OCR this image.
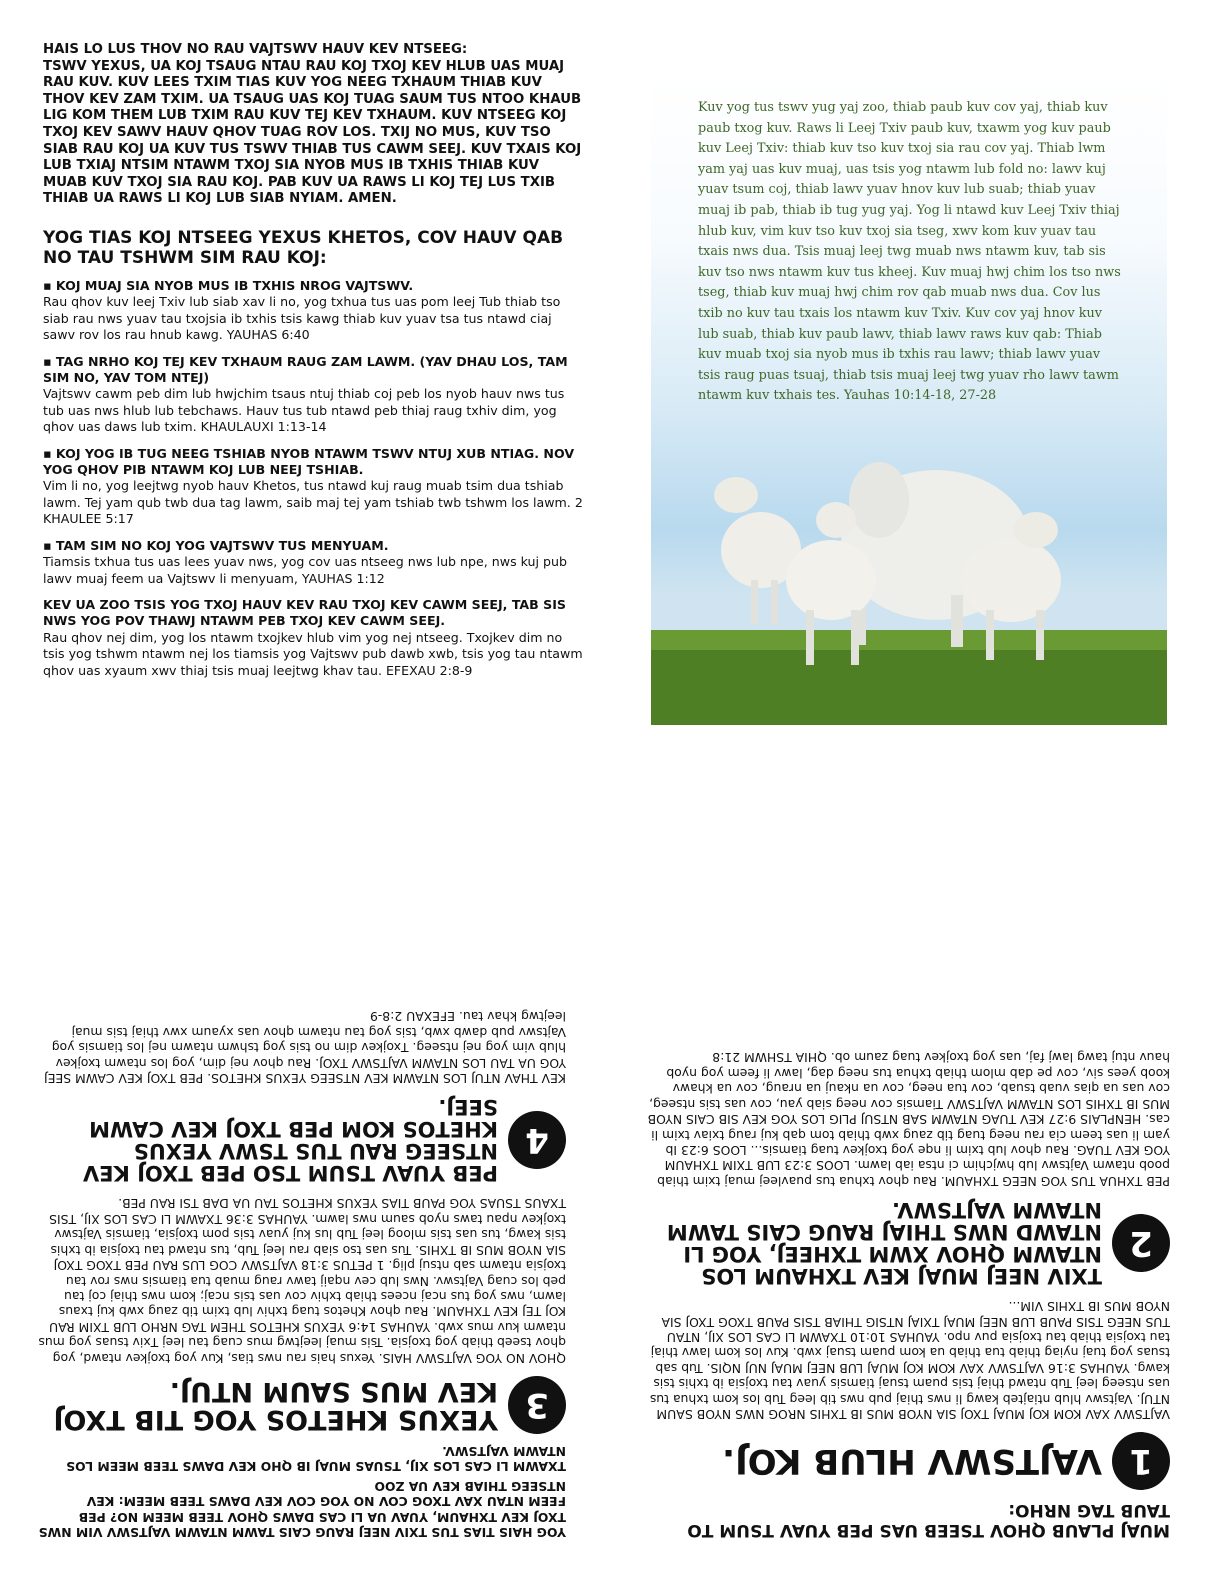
HAIS LO LUS THOV NO RAU VAJTSWV HAUV KEV NTSEEG:

TSWV YEXUS, UA KOJ TSAUG NTAU RAU KOJ TXOJ KEV HLUB UAS MUAJ RAU KUV. KUV LEES TXIM TIAS KUV YOG NEEG TXHAUM THIAB KUV THOV KEV ZAM TXIM. UA TSAUG UAS KOJ TUAG SAUM TUS NTOO KHAUB LIG KOM THEM LUB TXIM RAU KUV TEJ KEV TXHAUM. KUV NTSEEG KOJ TXOJ KEV SAWV HAUV QHOV TUAG ROV LOS. TXIJ NO MUS, KUV TSO SIAB RAU KOJ UA KUV TUS TSWV THIAB TUS CAWM SEEJ. KUV TXAIS KOJ LUB TXIAJ NTSIM NTAWM TXOJ SIA NYOB MUS IB TXHIS THIAB KUV MUAB KUV TXOJ SIA RAU KOJ. PAB KUV UA RAWS LI KOJ TEJ LUS TXIB THIAB UA RAWS LI KOJ LUB SIAB NYIAM. AMEN.

YOG TIAS KOJ NTSEEG YEXUS KHETOS, COV HAUV QAB NO TAU TSHWM SIM RAU KOJ:

▪ KOJ MUAJ SIA NYOB MUS IB TXHIS NROG VAJTSWV.
Rau qhov kuv leej Txiv lub siab xav li no, yog txhua tus uas pom leej Tub thiab tso siab rau nws yuav tau txojsia ib txhis tsis kawg thiab kuv yuav tsa tus ntawd ciaj sawv rov los rau hnub kawg. YAUHAS 6:40
▪ TAG NRHO KOJ TEJ KEV TXHAUM RAUG ZAM LAWM. (YAV DHAU LOS, TAM SIM NO, YAV TOM NTEJ)
Vajtswv cawm peb dim lub hwjchim tsaus ntuj thiab coj peb los nyob hauv nws tus tub uas nws hlub lub tebchaws. Hauv tus tub ntawd peb thiaj raug txhiv dim, yog qhov uas daws lub txim. KHAULAUXI 1:13-14
▪ KOJ YOG IB TUG NEEG TSHIAB NYOB NTAWM TSWV NTUJ XUB NTIAG. NOV YOG QHOV PIB NTAWM KOJ LUB NEEJ TSHIAB.
Vim li no, yog leejtwg nyob hauv Khetos, tus ntawd kuj raug muab tsim dua tshiab lawm. Tej yam qub twb dua tag lawm, saib maj tej yam tshiab twb tshwm los lawm. 2 KHAULEE 5:17
▪ TAM SIM NO KOJ YOG VAJTSWV TUS MENYUAM.
Tiamsis txhua tus uas lees yuav nws, yog cov uas ntseeg nws lub npe, nws kuj pub lawv muaj feem ua Vajtswv li menyuam, YAUHAS 1:12
KEV UA ZOO TSIS YOG TXOJ HAUV KEV RAU TXOJ KEV CAWM SEEJ, TAB SIS NWS YOG POV THAWJ NTAWM PEB TXOJ KEV CAWM SEEJ.
Rau qhov nej dim, yog los ntawm txojkev hlub vim yog nej ntseeg. Txojkev dim no tsis yog tshwm ntawm nej los tiamsis yog Vajtswv pub dawb xwb, tsis yog tau ntawm qhov uas xyaum xwv thiaj tsis muaj leejtwg khav tau. EFEXAU 2:8-9

Kuv yog tus tswv yug yaj zoo, thiab paub kuv cov yaj, thiab kuv paub txog kuv. Raws li Leej Txiv paub kuv, txawm yog kuv paub kuv Leej Txiv: thiab kuv tso kuv txoj sia rau cov yaj. Thiab lwm yam yaj uas kuv muaj, uas tsis yog ntawm lub fold no: lawv kuj yuav tsum coj, thiab lawv yuav hnov kuv lub suab; thiab yuav muaj ib pab, thiab ib tug yug yaj. Yog li ntawd kuv Leej Txiv thiaj hlub kuv, vim kuv tso kuv txoj sia tseg, xwv kom kuv yuav tau txais nws dua. Tsis muaj leej twg muab nws ntawm kuv, tab sis kuv tso nws ntawm kuv tus kheej. Kuv muaj hwj chim los tso nws tseg, thiab kuv muaj hwj chim rov qab muab nws dua. Cov lus txib no kuv tau txais los ntawm kuv Txiv. Kuv cov yaj hnov kuv lub suab, thiab kuv paub lawv, thiab lawv raws kuv qab: Thiab kuv muab txoj sia nyob mus ib txhis rau lawv; thiab lawv yuav tsis raug puas tsuaj, thiab tsis muaj leej twg yuav rho lawv tawm ntawm kuv txhais tes. Yauhas 10:14-18, 27-28

YOG HAIS TIAS TUS TXIV NEEJ RAUG CAIS TAWM NTAWM VAJTSWV VIM NWS TXOJ KEV TXHAUM, YUAV UA LI CAS DAWS QHOV TEEB MEEM NO? PEB FEEM NTAU XAV TXOG COV NO YOG COV KEV DAWS TEEB MEEM: KEV NTSEEG THIAB KEV UA ZOO

TXAWM LI CAS LOS XIJ, TSUAS MUAJ IB QHO KEV DAWS TEEB MEEM LOS NTAWM VAJTSWV.

3
YEXUS KHETOS YOG TIB TXOJ KEV MUS SAUM NTUJ.

QHOV NO YOG VAJTSWV HAIS. Yexus hais rau nws tias, Kuv yog txojkev ntawd, yog qhov tseeb thiab yog txojsia. Tsis muaj leejtwg mus cuag tau leej Txiv tsuas yog mus ntawm kuv mus xwb. YAUHAS 14:6 YEXUS KHETOS THEM TAG NRHO LUB TXIM RAU KOJ TEJ KEV TXHAUM. Rau qhov Khetos tuag txhiv lub txim tib zaug xwb kuj txaus lawm, nws yog tus ncaj ncees thiab txhiv cov uas tsis ncaj; kom nws thiaj coj tau peb los cuag Vajtswv. Nws lub cev nqaij tawv raug muab tua tiamsis nws rov tau txojsia ntawm sab ntsuj plig. 1 PETUS 3:18 VAJTSWV COG LUS RAU PEB TXOG TXOJ SIA NYOB MUS IB TXHIS. Tus uas tso siab rau leej Tub, tus ntawd tau txojsia ib txhis tsis kawg, tus uas tsis mloog leej Tub lus kuj yuav tsis pom txojsia, tiamsis Vajtswv txojkev npau taws nyob saum nws lawm. YAUHAS 3:36 TXAWM LI CAS LOS XIJ, TSIS TXAUS TSUAS YOG PAUB TIAS YEXUS KHETOS TAU UA DAB TSI RAU PEB.

4
PEB YUAV TSUM TSO PEB TXOJ KEV NTSEEG RAU TUS TSWV YEXUS KHETOS KOM PEB TXOJ KEV CAWM SEEJ.

KEV THAV NTUJ LOS NTAWM KEV NTSEEG YEXUS KHETOS. PEB TXOJ KEV CAWM SEEJ YOG UA TAU LOS NTAWM VAJTSWV TXOJ. Rau qhov nej dim, yog los ntawm txojkev hlub vim yog nej ntseeg. Txojkev dim no tsis yog tshwm ntawm nej los tiamsis yog Vajtswv pub dawb xwb, tsis yog tau ntawm qhov uas xyaum xwv thiaj tsis muaj leejtwg khav tau. EFEXAU 2:8-9

MUAJ PLAUB QHOV TSEEB UAS PEB YUAV TSUM TO TAUB TAG NRHO:

1
VAJTSWV HLUB KOJ.

VAJTSWV XAV KOM KOJ MUAJ TXOJ SIA NYOB MUS IB TXHIS NROG NWS NYOB SAUM NTUJ. Vajtswv hlub ntiajteb kawg li nws thiaj pub nws tib leeg Tub los kom txhua tus uas ntseeg leej Tub ntawd thiaj tsis puam tsuaj tiamsis yuav tau txojsia ib txhis tsis kawg. YAUHAS 3:16 VAJTSWV XAV KOM KOJ MUAJ LUB NEEJ MUAJ NUJ NQIS. Tub sab tsuas yog tuaj nyiag thiab tua thiab ua kom puam tsuaj xwb. Kuv los kom lawv thiaj tau txojsia thiab tau txojsia puv npo. YAUHAS 10:10 TXAWM LI CAS LOS XIJ, NTAU TUS NEEG TSIS PAUB LUB NEEJ MUAJ TXIAJ NTSIG THIAB TSIS PAUB TXOG TXOJ SIA NYOB MUS IB TXHIS VIM...

2
TXIV NEEJ MUAJ KEV TXHAUM LOS NTAWM QHOV XWM TXHEEJ, YOG LI NTAWD NWS THIAJ RAUG CAIS TAWM NTAWM VAJTSWV.

PEB TXHUA TUS YOG NEEG TXHAUM. Rau qhov txhua tus puavleej muaj txim thiab poob ntawm Vajtswv lub hwjchim ci ntsa iab lawm. LOOS 3:23 LUB TXIM TXHAUM YOG KEV TUAG. Rau qhov lub txim li nqe yog txojkev tuag tiamsis... LOOS 6:23 Ib yam li uas teem cia rau neeg tuag tib zaug xwb thiab tom qab kuj raug txiav txim li cas. HENPLAIS 9:27 KEV TUAG NTAWM SAB NTSUJ PLIG LOS YOG KEV SIB CAIS NYOB MUS IB TXHIS LOS NTAWM VAJTSWV Tiamsis cov neeg siab yau, cov uas tsis ntseeg, cov uas ua qias vuab tsuab, cov tua neeg, cov ua nkauj ua nraug, cov ua khawv koob yees siv, cov pe dab mlom thiab txhua tus neeg dag, lawv li feem yog nyob hauv ntuj tawg lawj faj, uas yog txojkev tuag zaum ob. QHIA TSHWM 21:8
